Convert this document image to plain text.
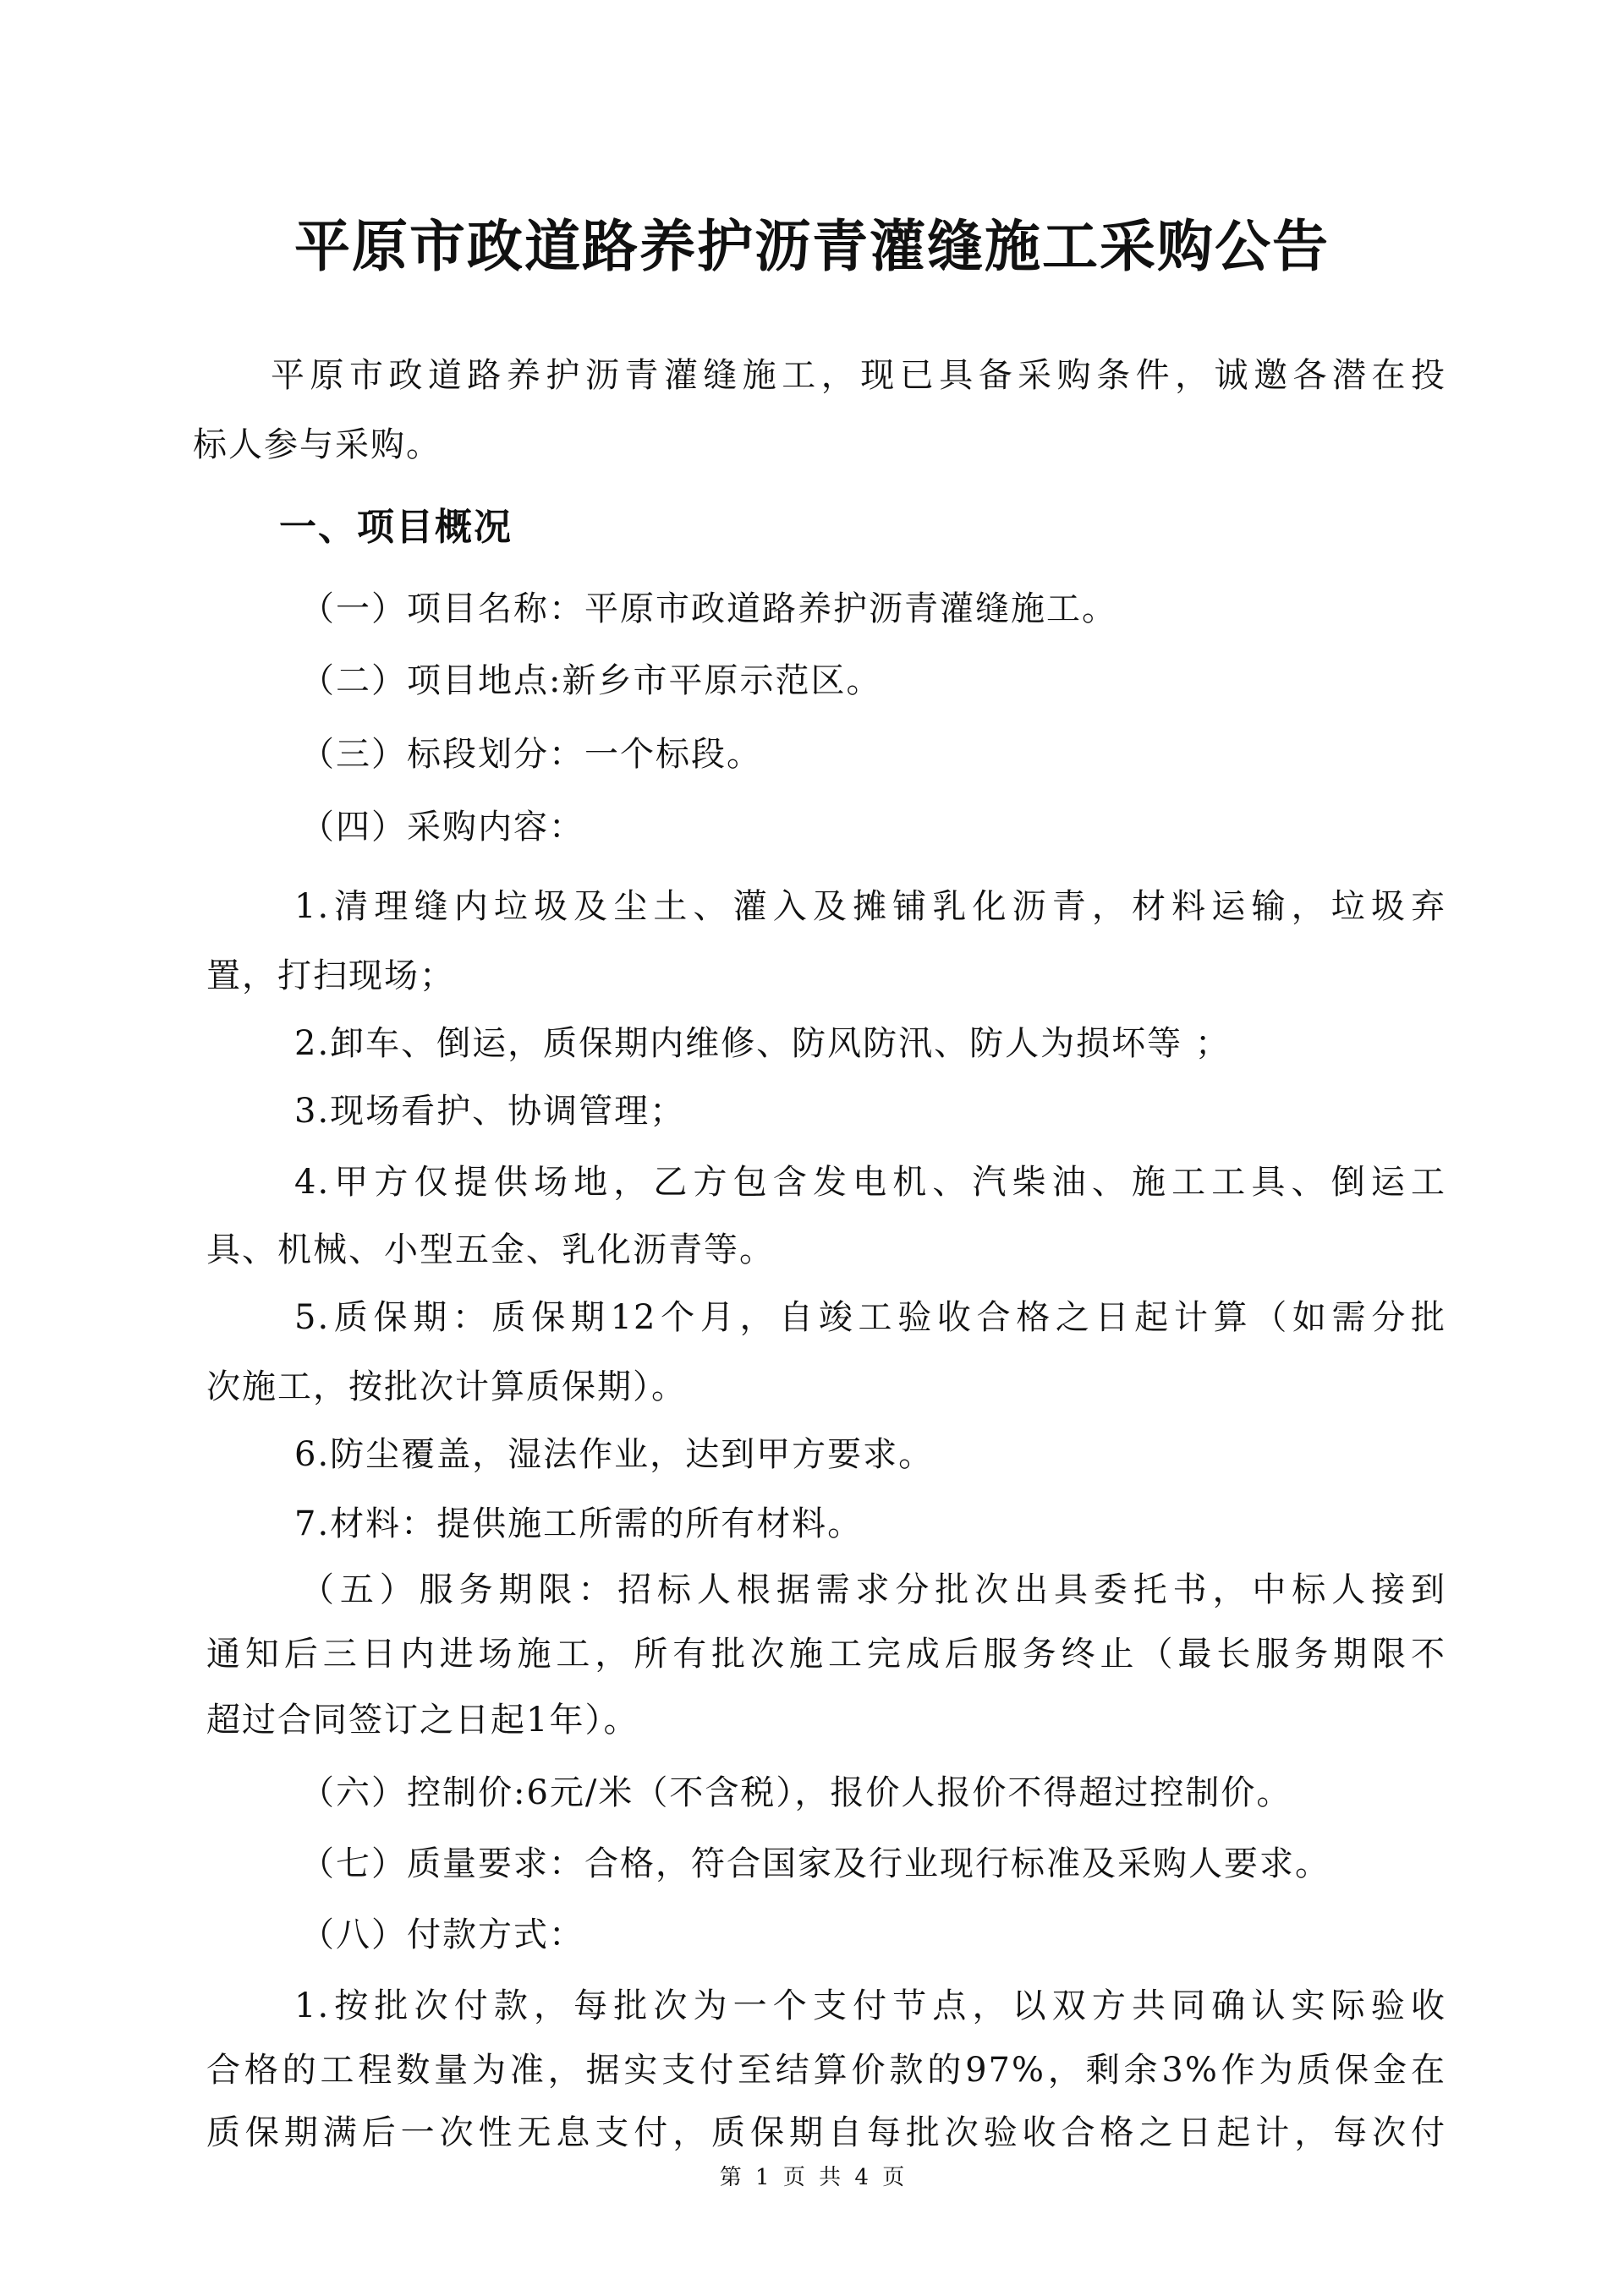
平原市政道路养护沥青灌缝施工采购公告
平原市政道路养护沥青灌缝施工，现已具备采购条件，诚邀各潜在投
标人参与采购。
一、项目概况
（一）项目名称：平原市政道路养护沥青灌缝施工。
（二）项目地点:新乡市平原示范区。
（三）标段划分：一个标段。
（四）采购内容：
1.清理缝内垃圾及尘土、灌入及摊铺乳化沥青，材料运输，垃圾弃
置，打扫现场；
2.卸车、倒运，质保期内维修、防风防汛、防人为损坏等 ；
3.现场看护、协调管理；
4.甲方仅提供场地，乙方包含发电机、汽柴油、施工工具、倒运工
具、机械、小型五金、乳化沥青等。
5.质保期：质保期12个月，自竣工验收合格之日起计算（如需分批
次施工，按批次计算质保期）。
6.防尘覆盖，湿法作业，达到甲方要求。
7.材料：提供施工所需的所有材料。
（五）服务期限：招标人根据需求分批次出具委托书，中标人接到
通知后三日内进场施工，所有批次施工完成后服务终止（最长服务期限不
超过合同签订之日起1年）。
（六）控制价:6元/米（不含税），报价人报价不得超过控制价。
（七）质量要求：合格，符合国家及行业现行标准及采购人要求。
（八）付款方式：
1.按批次付款，每批次为一个支付节点，以双方共同确认实际验收
合格的工程数量为准，据实支付至结算价款的97%，剩余3%作为质保金在
质保期满后一次性无息支付，质保期自每批次验收合格之日起计，每次付
第 1 页 共 4 页
